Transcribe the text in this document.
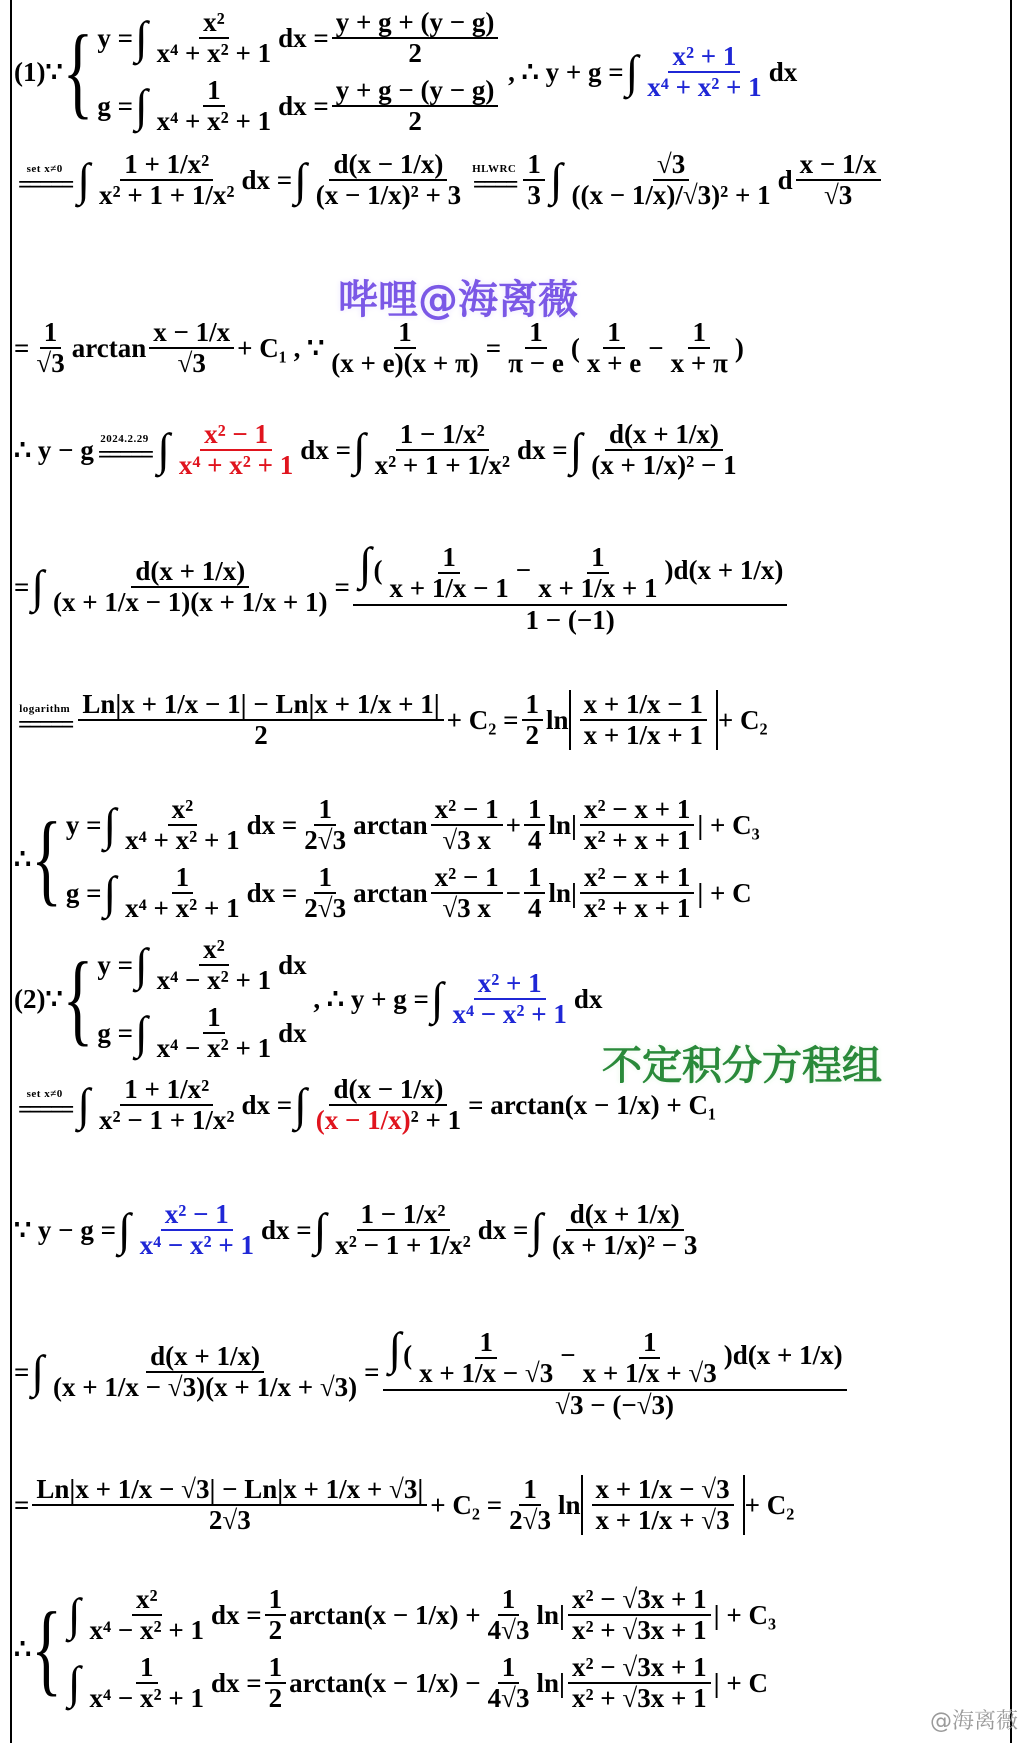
(1)∵ { y = ∫ x²
x⁴ + x² + 1
dx =
y + g + (y − g)
2
g = ∫ 1
x⁴ + x² + 1
dx =
y + g − (y − g)
2
, ∴ y + g = ∫ x² + 1
x⁴ + x² + 1
dx
set x≠0
===== ∫ 1 + 1/x²
x² + 1 + 1/x²
dx = ∫ d(x − 1/x)
(x − 1/x)² + 3
HLWRC
==== $\frac{1}{3}$ ∫	√3
((x − 1/x)/√3)² + 1
d
x − 1/x
√3
哔哩@海离薇
=
1
√3
arctan
x − 1/x
√3
+ C₁ , ∵
1
(x + e)(x + π)
=
1
π − e
(
1
x + e
−
1
x + π
)
∴ y − g 2024.2.29
===== ∫ x² − 1
x⁴ + x² + 1
dx = ∫ 1 − 1/x²
x² + 1 + 1/x²
dx = ∫ d(x + 1/x)
(x + 1/x)² − 1
= ∫	d(x + 1/x)
(x + 1/x − 1)(x + 1/x + 1)
= ∫( $\frac{1}{x + 1/x - 1} - \frac{1}{x + 1/x + 1} )d(x + 1/x)$
1 − (−1)
logarithm
===== $\frac{Ln|x + 1/x - 1| - Ln|x + 1/x + 1|}{2} + C_2$ =
1
2
$\ln \frac{x + 1/x - 1}{x + 1/x + 1} + C_2$
∴ { y = ∫ x²
x⁴ + x² + 1
dx =
1
2√3
arctan
x² − 1
√3 x
+
1
4
ln|
x² − x + 1
x² + x + 1
| + C₃
g = ∫ 1
x⁴ + x² + 1
dx =
1
2√3
arctan
x² − 1
√3 x
−
1
4
ln|
x² − x + 1
x² + x + 1
| + C
(2)∵ { y = ∫ x²
x⁴ − x² + 1
dx
g = ∫ 1
x⁴ − x² + 1
dx
, ∴ y + g = ∫ x² + 1
x⁴ − x² + 1
dx
不定积分方程组
set x≠0
===== ∫ 1 + 1/x²
x² − 1 + 1/x²
dx = ∫ d(x − 1/x)
(x − 1/x)² + 1
= arctan(x − 1/x) + C₁
∵ y − g = ∫ x² − 1
x⁴ − x² + 1
dx = ∫ 1 − 1/x²
x² − 1 + 1/x²
dx = ∫ d(x + 1/x)
(x + 1/x)² − 3
= ∫	d(x + 1/x)
(x + 1/x − √3)(x + 1/x + √3)
= ∫( $\frac{1}{x + 1/x - √3} - \frac{1}{x + 1/x + √3} )d(x + 1/x)$
√3 − (−√3)
=
Ln|x + 1/x − √3| − Ln|x + 1/x + √3|
2√3
+ C₂ =
1
2√3
$\ln \frac{x + 1/x - √3}{x + 1/x + √3} + C_2$
∴ { ∫ x²
x⁴ − x² + 1
dx =
1
2
arctan(x − 1/x) +
1
4√3
ln|
x² − √3x + 1
x² + √3x + 1
| + C₃
∫ 1
x⁴ − x² + 1
dx =
1
2
arctan(x − 1/x) −
1
4√3
ln|
x² − √3x + 1
x² + √3x + 1
| + C
@海离薇
